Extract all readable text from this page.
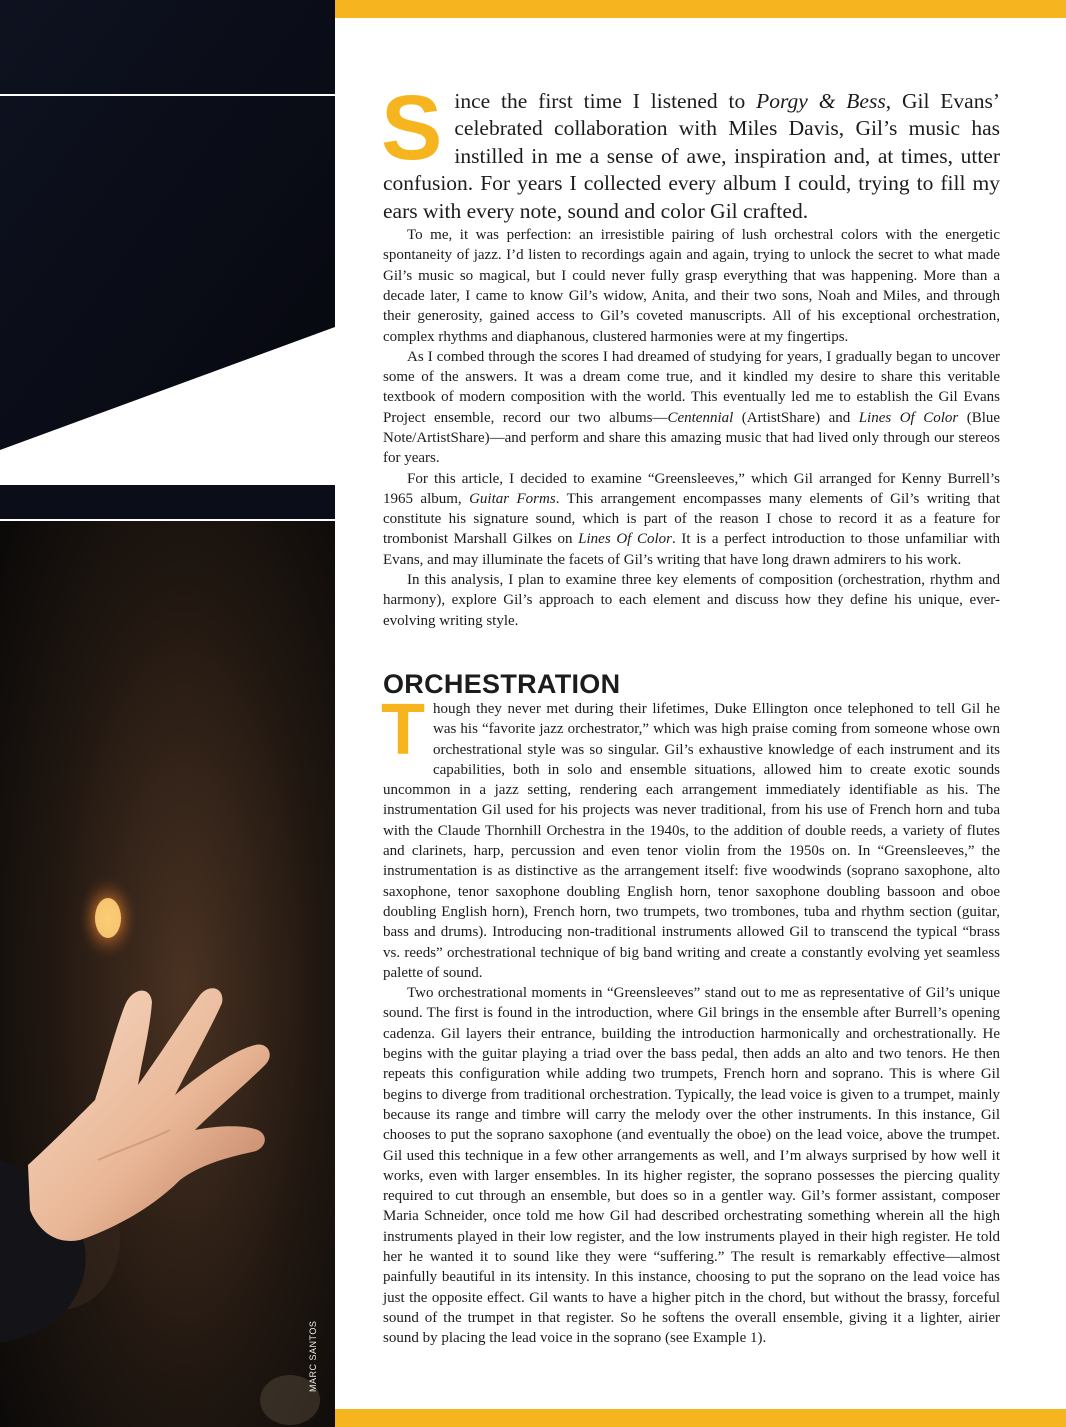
MARC SANTOS

Since the first time I listened to Porgy & Bess, Gil Evans’ celebrated collaboration with Miles Davis, Gil’s music has instilled in me a sense of awe, inspiration and, at times, utter confusion. For years I collected every album I could, trying to fill my ears with every note, sound and color Gil crafted.

To me, it was perfection: an irresistible pairing of lush orchestral colors with the energetic spontaneity of jazz. I’d listen to recordings again and again, trying to unlock the secret to what made Gil’s music so magical, but I could never fully grasp everything that was happening. More than a decade later, I came to know Gil’s widow, Anita, and their two sons, Noah and Miles, and through their generosity, gained access to Gil’s coveted manuscripts. All of his exceptional orchestration, complex rhythms and diaphanous, clustered harmonies were at my fingertips.

As I combed through the scores I had dreamed of studying for years, I gradually began to uncover some of the answers. It was a dream come true, and it kindled my desire to share this veritable textbook of modern composition with the world. This eventually led me to establish the Gil Evans Project ensemble, record our two albums—Centennial (ArtistShare) and Lines Of Color (Blue Note/ArtistShare)—and perform and share this amazing music that had lived only through our stereos for years.

For this article, I decided to examine “Greensleeves,” which Gil arranged for Kenny Burrell’s 1965 album, Guitar Forms. This arrangement encompasses many elements of Gil’s writing that constitute his signature sound, which is part of the reason I chose to record it as a feature for trombonist Marshall Gilkes on Lines Of Color. It is a perfect introduction to those unfamiliar with Evans, and may illuminate the facets of Gil’s writing that have long drawn admirers to his work.

In this analysis, I plan to examine three key elements of composition (orchestration, rhythm and harmony), explore Gil’s approach to each element and discuss how they define his unique, ever-evolving writing style.

ORCHESTRATION

Though they never met during their lifetimes, Duke Ellington once telephoned to tell Gil he was his “favorite jazz orchestrator,” which was high praise coming from someone whose own orchestrational style was so singular. Gil’s exhaustive knowledge of each instrument and its capabilities, both in solo and ensemble situations, allowed him to create exotic sounds uncommon in a jazz setting, rendering each arrangement immediately identifiable as his. The instrumentation Gil used for his projects was never traditional, from his use of French horn and tuba with the Claude Thornhill Orchestra in the 1940s, to the addition of double reeds, a variety of flutes and clarinets, harp, percussion and even tenor violin from the 1950s on. In “Greensleeves,” the instrumentation is as distinctive as the arrangement itself: five woodwinds (soprano saxophone, alto saxophone, tenor saxophone doubling English horn, tenor saxophone doubling bassoon and oboe doubling English horn), French horn, two trumpets, two trombones, tuba and rhythm section (guitar, bass and drums). Introducing non-traditional instruments allowed Gil to transcend the typical “brass vs. reeds” orchestrational technique of big band writing and create a constantly evolving yet seamless palette of sound.

Two orchestrational moments in “Greensleeves” stand out to me as representative of Gil’s unique sound. The first is found in the introduction, where Gil brings in the ensemble after Burrell’s opening cadenza. Gil layers their entrance, building the introduction harmonically and orchestrationally. He begins with the guitar playing a triad over the bass pedal, then adds an alto and two tenors. He then repeats this configuration while adding two trumpets, French horn and soprano. This is where Gil begins to diverge from traditional orchestration. Typically, the lead voice is given to a trumpet, mainly because its range and timbre will carry the melody over the other instruments. In this instance, Gil chooses to put the soprano saxophone (and eventually the oboe) on the lead voice, above the trumpet. Gil used this technique in a few other arrangements as well, and I’m always surprised by how well it works, even with larger ensembles. In its higher register, the soprano possesses the piercing quality required to cut through an ensemble, but does so in a gentler way. Gil’s former assistant, composer Maria Schneider, once told me how Gil had described orchestrating something wherein all the high instruments played in their low register, and the low instruments played in their high register. He told her he wanted it to sound like they were “suffering.” The result is remarkably effective—almost painfully beautiful in its intensity. In this instance, choosing to put the soprano on the lead voice has just the opposite effect. Gil wants to have a higher pitch in the chord, but without the brassy, forceful sound of the trumpet in that register. So he softens the overall ensemble, giving it a lighter, airier sound by placing the lead voice in the soprano (see Example 1).
